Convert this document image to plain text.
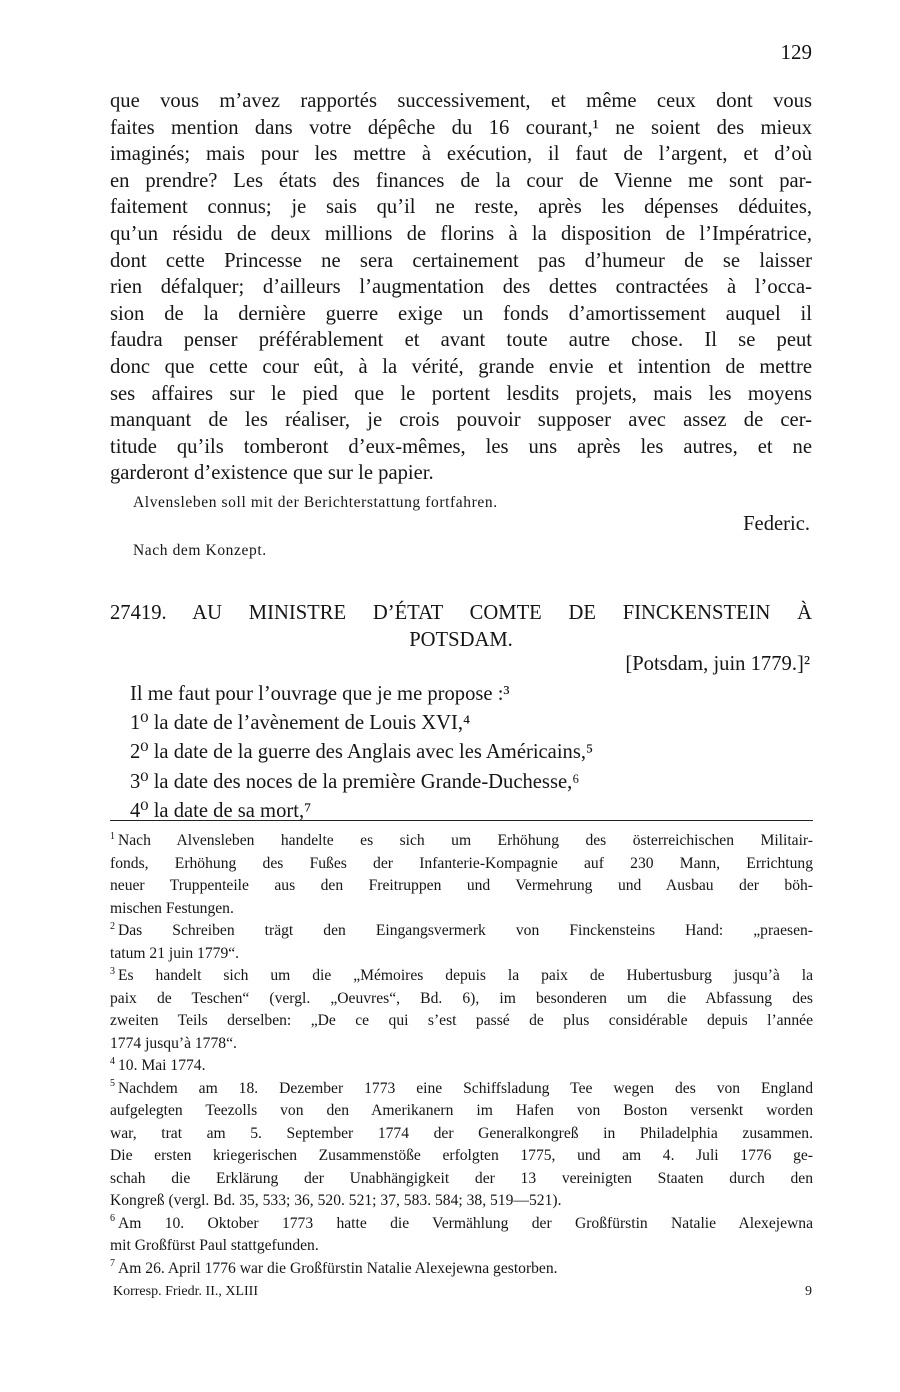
129
que vous m’avez rapportés successivement, et même ceux dont vous
faites mention dans votre dépêche du 16 courant,¹ ne soient des mieux
imaginés; mais pour les mettre à exécution, il faut de l’argent, et d’où
en prendre? Les états des finances de la cour de Vienne me sont par-
faitement connus; je sais qu’il ne reste, après les dépenses déduites,
qu’un résidu de deux millions de florins à la disposition de l’Impératrice,
dont cette Princesse ne sera certainement pas d’humeur de se laisser
rien défalquer; d’ailleurs l’augmentation des dettes contractées à l’occa-
sion de la dernière guerre exige un fonds d’amortissement auquel il
faudra penser préférablement et avant toute autre chose. Il se peut
donc que cette cour eût, à la vérité, grande envie et intention de mettre
ses affaires sur le pied que le portent lesdits projets, mais les moyens
manquant de les réaliser, je crois pouvoir supposer avec assez de cer-
titude qu’ils tomberont d’eux-mêmes, les uns après les autres, et ne
garderont d’existence que sur le papier.
Alvensleben soll mit der Berichterstattung fortfahren.
Federic.
Nach dem Konzept.
27419. AU MINISTRE D’ÉTAT COMTE DE FINCKENSTEIN À
POTSDAM.
[Potsdam, juin 1779.]²
Il me faut pour l’ouvrage que je me propose :³
1⁰ la date de l’avènement de Louis XVI,⁴
2⁰ la date de la guerre des Anglais avec les Américains,⁵
3⁰ la date des noces de la première Grande-Duchesse,⁶
4⁰ la date de sa mort,⁷
$^1$ Nach Alvensleben handelte es sich um Erhöhung des österreichischen Militair-
fonds, Erhöhung des Fußes der Infanterie-Kompagnie auf 230 Mann, Errichtung
neuer Truppenteile aus den Freitruppen und Vermehrung und Ausbau der böh-
mischen Festungen.
$^2$ Das Schreiben trägt den Eingangsvermerk von Finckensteins Hand: „praesen-
tatum 21 juin 1779“.
$^3$ Es handelt sich um die „Mémoires depuis la paix de Hubertusburg jusqu’à la
paix de Teschen“ (vergl. „Oeuvres“, Bd. 6), im besonderen um die Abfassung des
zweiten Teils derselben: „De ce qui s’est passé de plus considérable depuis l’année
1774 jusqu’à 1778“.
$^4$ 10. Mai 1774.
$^5$ Nachdem am 18. Dezember 1773 eine Schiffsladung Tee wegen des von England
aufgelegten Teezolls von den Amerikanern im Hafen von Boston versenkt worden
war, trat am 5. September 1774 der Generalkongreß in Philadelphia zusammen.
Die ersten kriegerischen Zusammenstöße erfolgten 1775, und am 4. Juli 1776 ge-
schah die Erklärung der Unabhängigkeit der 13 vereinigten Staaten durch den
Kongreß (vergl. Bd. 35, 533; 36, 520. 521; 37, 583. 584; 38, 519—521).
$^6$ Am 10. Oktober 1773 hatte die Vermählung der Großfürstin Natalie Alexejewna
mit Großfürst Paul stattgefunden.
$^7$ Am 26. April 1776 war die Großfürstin Natalie Alexejewna gestorben.
Korresp. Friedr. II., XLIII	9
